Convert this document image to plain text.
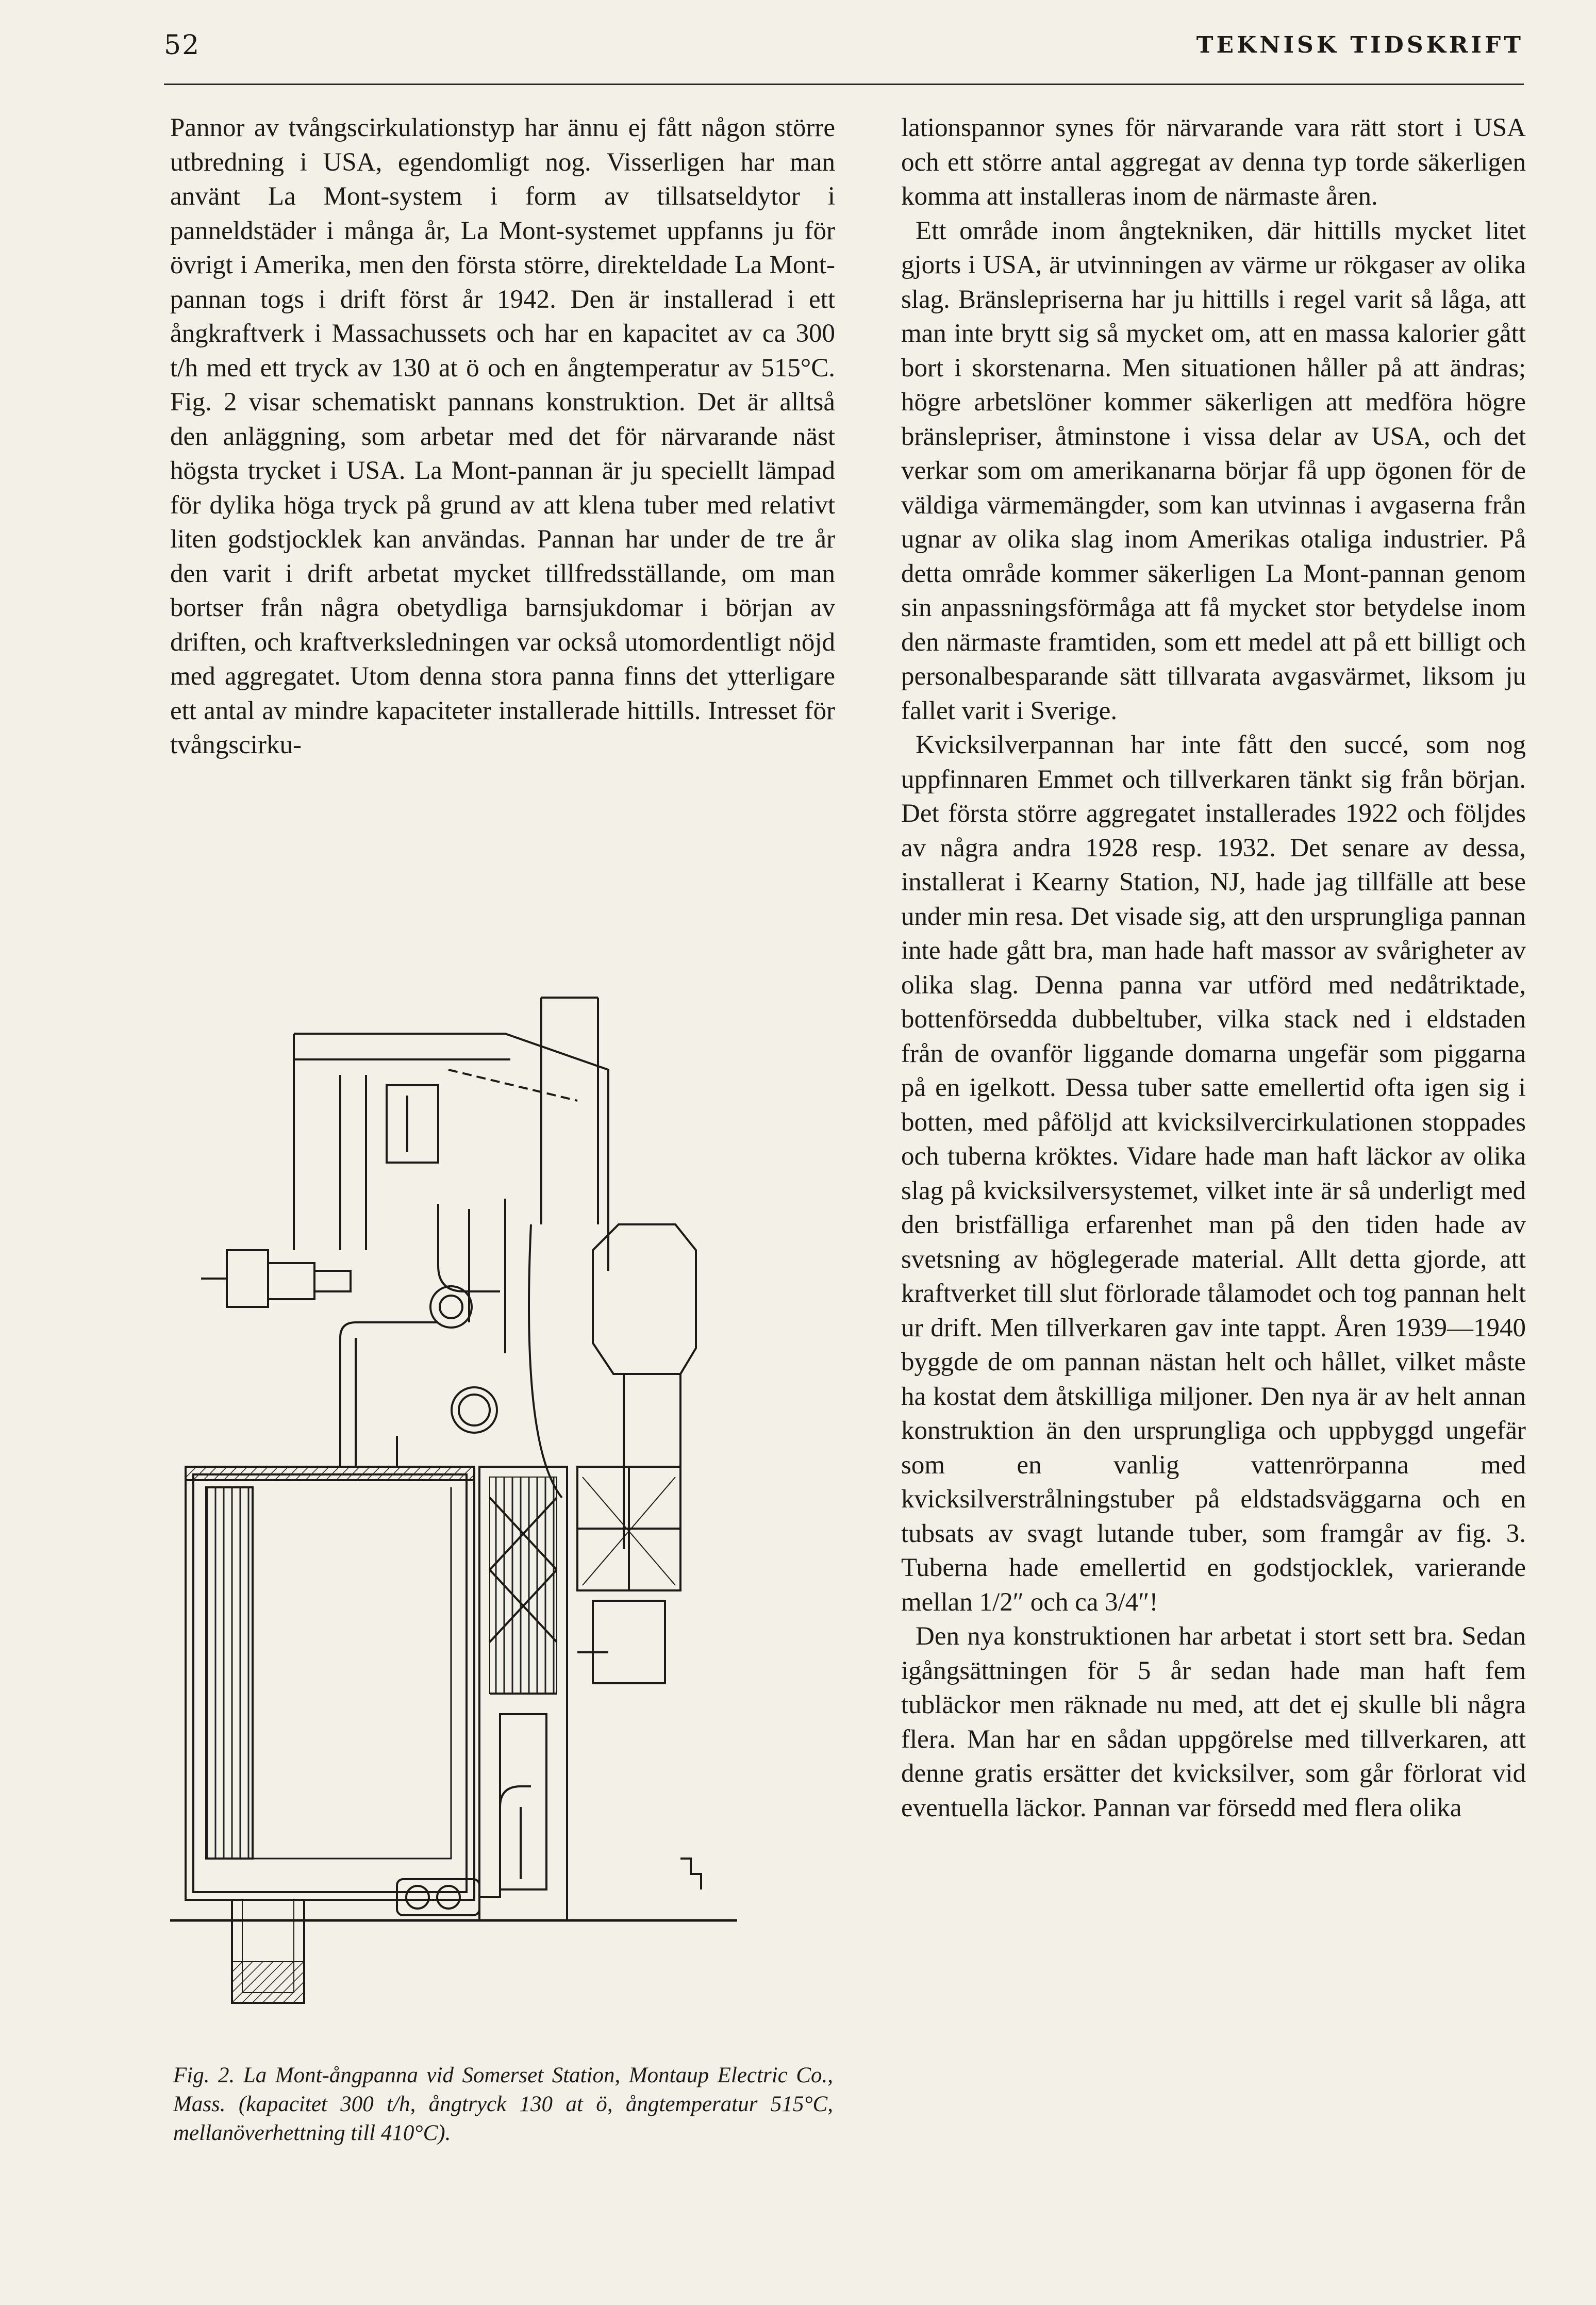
52	TEKNISK TIDSKRIFT

Pannor av tvångscirkulationstyp har ännu ej fått någon större utbredning i USA, egendomligt nog. Visserligen har man använt La Mont-system i form av tillsatseldytor i panneldstäder i många år, La Mont-systemet uppfanns ju för övrigt i Amerika, men den första större, direkteldade La Mont-pannan togs i drift först år 1942. Den är installerad i ett ångkraftverk i Massachussets och har en kapacitet av ca 300 t/h med ett tryck av 130 at ö och en ångtemperatur av 515°C. Fig. 2 visar schematiskt pannans konstruktion. Det är alltså den anläggning, som arbetar med det för närvarande näst högsta trycket i USA. La Mont-pannan är ju speciellt lämpad för dylika höga tryck på grund av att klena tuber med relativt liten godstjocklek kan användas. Pannan har under de tre år den varit i drift arbetat mycket tillfredsställande, om man bortser från några obetydliga barnsjukdomar i början av driften, och kraftverksledningen var också utomordentligt nöjd med aggregatet. Utom denna stora panna finns det ytterligare ett antal av mindre kapaciteter installerade hittills. Intresset för tvångscirku-

lationspannor synes för närvarande vara rätt stort i USA och ett större antal aggregat av denna typ torde säkerligen komma att installeras inom de närmaste åren.

Ett område inom ångtekniken, där hittills mycket litet gjorts i USA, är utvinningen av värme ur rökgaser av olika slag. Bränslepriserna har ju hittills i regel varit så låga, att man inte brytt sig så mycket om, att en massa kalorier gått bort i skorstenarna. Men situationen håller på att ändras; högre arbetslöner kommer säkerligen att medföra högre bränslepriser, åtminstone i vissa delar av USA, och det verkar som om amerikanarna börjar få upp ögonen för de väldiga värmemängder, som kan utvinnas i avgaserna från ugnar av olika slag inom Amerikas otaliga industrier. På detta område kommer säkerligen La Mont-pannan genom sin anpassningsförmåga att få mycket stor betydelse inom den närmaste framtiden, som ett medel att på ett billigt och personalbesparande sätt tillvarata avgasvärmet, liksom ju fallet varit i Sverige.

Kvicksilverpannan har inte fått den succé, som nog uppfinnaren Emmet och tillverkaren tänkt sig från början. Det första större aggregatet installerades 1922 och följdes av några andra 1928 resp. 1932. Det senare av dessa, installerat i Kearny Station, NJ, hade jag tillfälle att bese under min resa. Det visade sig, att den ursprungliga pannan inte hade gått bra, man hade haft massor av svårigheter av olika slag. Denna panna var utförd med nedåtriktade, bottenförsedda dubbeltuber, vilka stack ned i eldstaden från de ovanför liggande domarna ungefär som piggarna på en igelkott. Dessa tuber satte emellertid ofta igen sig i botten, med påföljd att kvicksilvercirkulationen stoppades och tuberna kröktes. Vidare hade man haft läckor av olika slag på kvicksilversystemet, vilket inte är så underligt med den bristfälliga erfarenhet man på den tiden hade av svetsning av höglegerade material. Allt detta gjorde, att kraftverket till slut förlorade tålamodet och tog pannan helt ur drift. Men tillverkaren gav inte tappt. Åren 1939—1940 byggde de om pannan nästan helt och hållet, vilket måste ha kostat dem åtskilliga miljoner. Den nya är av helt annan konstruktion än den ursprungliga och uppbyggd ungefär som en vanlig vattenrörpanna med kvicksilverstrålningstuber på eldstadsväggarna och en tubsats av svagt lutande tuber, som framgår av fig. 3. Tuberna hade emellertid en godstjocklek, varierande mellan 1/2″ och ca 3/4″!

Den nya konstruktionen har arbetat i stort sett bra. Sedan igångsättningen för 5 år sedan hade man haft fem tubläckor men räknade nu med, att det ej skulle bli några flera. Man har en sådan uppgörelse med tillverkaren, att denne gratis ersätter det kvicksilver, som går förlorat vid eventuella läckor. Pannan var försedd med flera olika

Fig. 2. La Mont-ångpanna vid Somerset Station, Montaup Electric Co., Mass. (kapacitet 300 t/h, ångtryck 130 at ö, ångtemperatur 515°C, mellanöverhettning till 410°C).
